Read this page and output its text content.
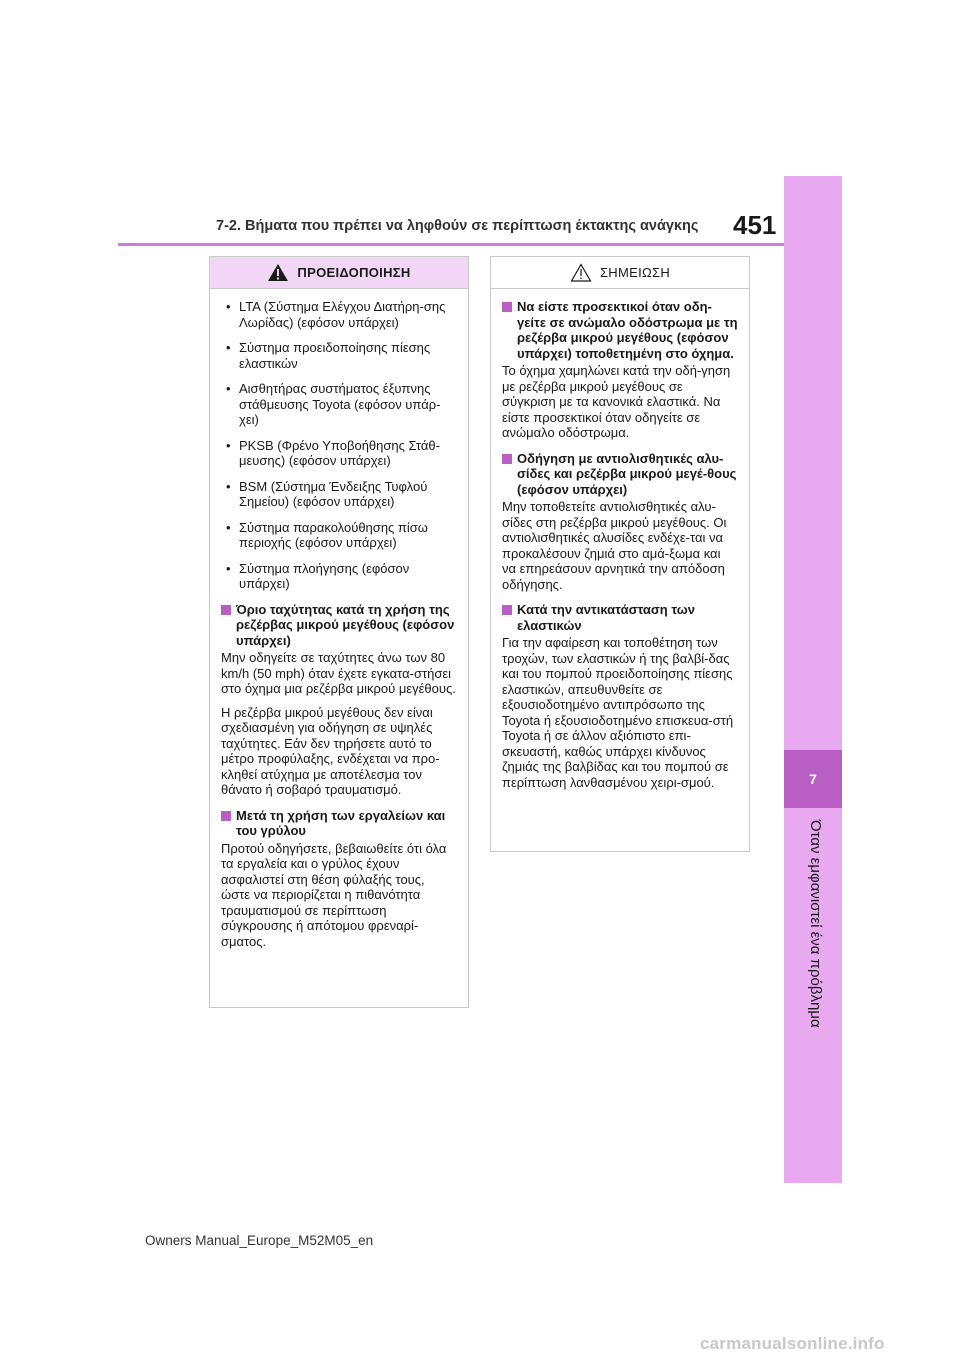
7
Όταν εμφανιστεί ένα πρόβλημα
7-2. Βήματα που πρέπει να ληφθούν σε περίπτωση έκτακτης ανάγκης 451
ΠΡΟΕΙΔΟΠΟΙΗΣΗ
• LTA (Σύστημα Ελέγχου Διατήρη-σης Λωρίδας) (εφόσον υπάρχει)
• Σύστημα προειδοποίησης πίεσης ελαστικών
• Αισθητήρας συστήματος έξυπνης στάθμευσης Toyota (εφόσον υπάρ-χει)
• PKSB (Φρένο Υποβοήθησης Στάθ-μευσης) (εφόσον υπάρχει)
• BSM (Σύστημα Ένδειξης Τυφλού Σημείου) (εφόσον υπάρχει)
• Σύστημα παρακολούθησης πίσω περιοχής (εφόσον υπάρχει)
• Σύστημα πλοήγησης (εφόσον υπάρχει)
Όριο ταχύτητας κατά τη χρήση της ρεζέρβας μικρού μεγέθους (εφόσον υπάρχει)

Μην οδηγείτε σε ταχύτητες άνω των 80 km/h (50 mph) όταν έχετε εγκατα-στήσει στο όχημα μια ρεζέρβα μικρού μεγέθους.

Η ρεζέρβα μικρού μεγέθους δεν είναι σχεδιασμένη για οδήγηση σε υψηλές ταχύτητες. Εάν δεν τηρήσετε αυτό το μέτρο προφύλαξης, ενδέχεται να προ-κληθεί ατύχημα με αποτέλεσμα τον θάνατο ή σοβαρό τραυματισμό.

Μετά τη χρήση των εργαλείων και του γρύλου

Προτού οδηγήσετε, βεβαιωθείτε ότι όλα τα εργαλεία και ο γρύλος έχουν ασφαλιστεί στη θέση φύλαξής τους, ώστε να περιορίζεται η πιθανότητα τραυματισμού σε περίπτωση σύγκρουσης ή απότομου φρεναρί-σματος.

ΣΗΜΕΙΩΣΗ
Να είστε προσεκτικοί όταν οδη-γείτε σε ανώμαλο οδόστρωμα με τη ρεζέρβα μικρού μεγέθους (εφόσον υπάρχει) τοποθετημένη στο όχημα.

Το όχημα χαμηλώνει κατά την οδή-γηση με ρεζέρβα μικρού μεγέθους σε σύγκριση με τα κανονικά ελαστικά. Να είστε προσεκτικοί όταν οδηγείτε σε ανώμαλο οδόστρωμα.

Οδήγηση με αντιολισθητικές αλυ-σίδες και ρεζέρβα μικρού μεγέ-θους (εφόσον υπάρχει)

Μην τοποθετείτε αντιολισθητικές αλυ-σίδες στη ρεζέρβα μικρού μεγέθους. Οι αντιολισθητικές αλυσίδες ενδέχε-ται να προκαλέσουν ζημιά στο αμά-ξωμα και να επηρεάσουν αρνητικά την απόδοση οδήγησης.

Κατά την αντικατάσταση των ελαστικών

Για την αφαίρεση και τοποθέτηση των τροχών, των ελαστικών ή της βαλβί-δας και του πομπού προειδοποίησης πίεσης ελαστικών, απευθυνθείτε σε εξουσιοδοτημένο αντιπρόσωπο της Toyota ή εξουσιοδοτημένο επισκευα-στή Toyota ή σε άλλον αξιόπιστο επι-σκευαστή, καθώς υπάρχει κίνδυνος ζημιάς της βαλβίδας και του πομπού σε περίπτωση λανθασμένου χειρι-σμού.

Owners Manual_Europe_M52M05_en
carmanualsonline.info
